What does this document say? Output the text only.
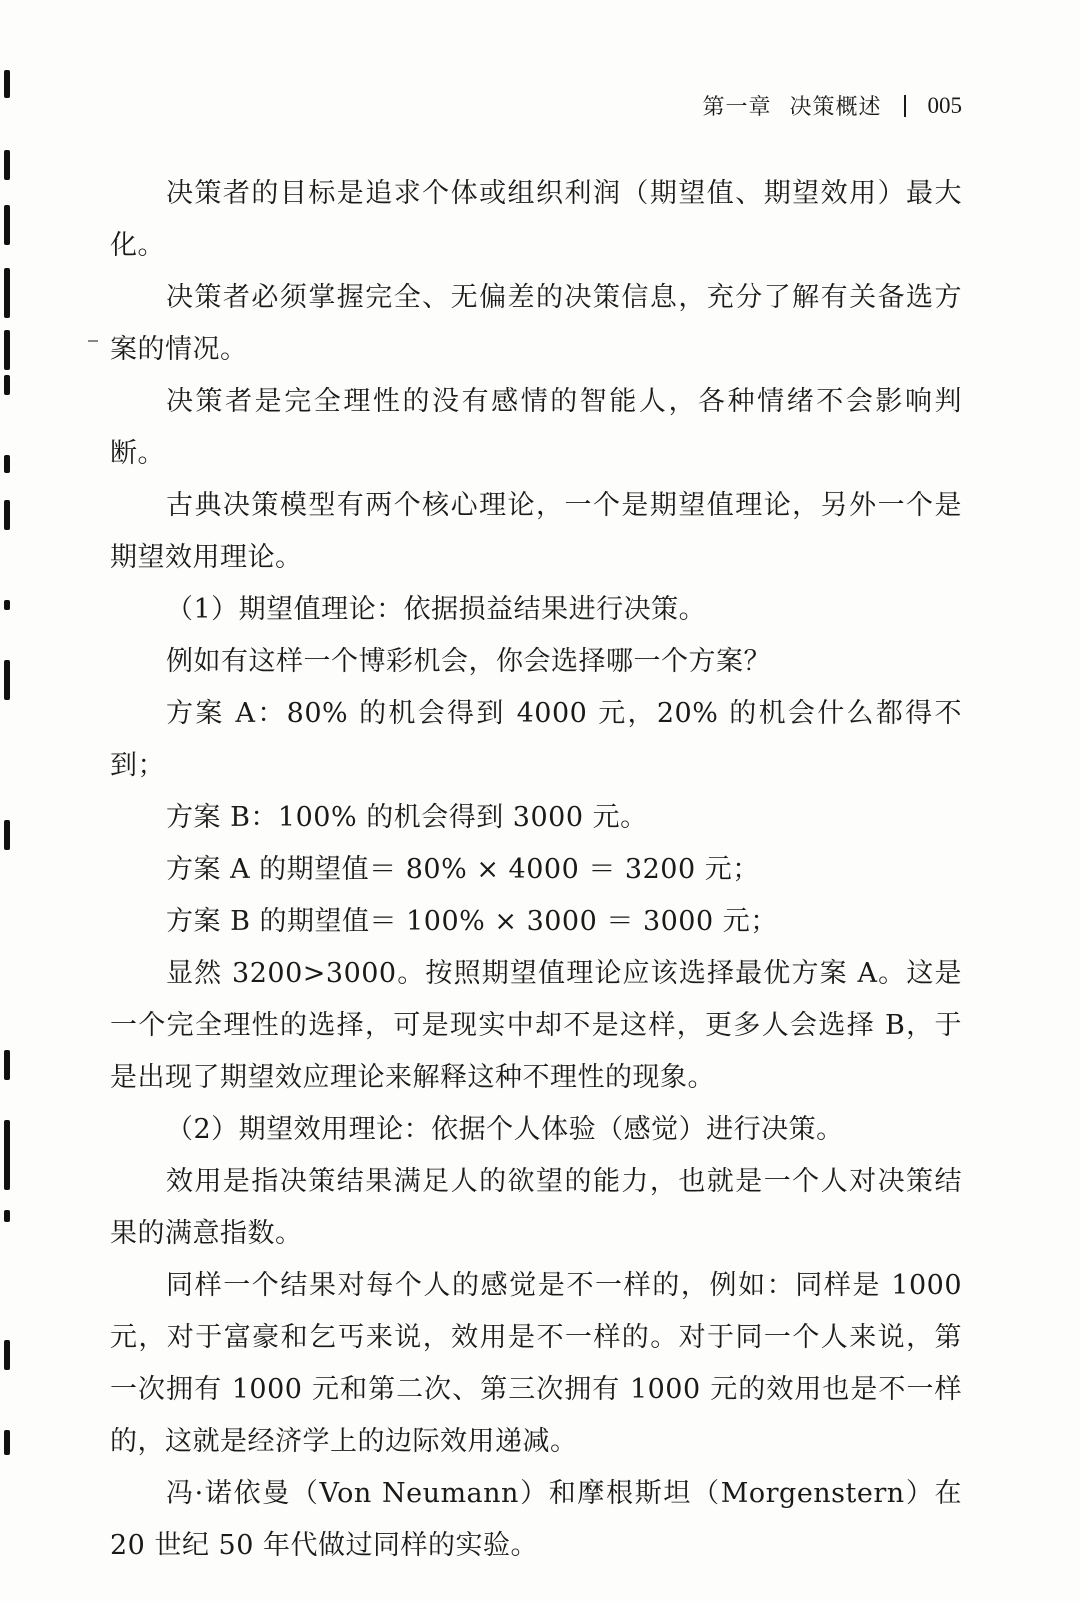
第一章 决策概述 005

决策者的目标是追求个体或组织利润（期望值、期望效用）最大化。

决策者必须掌握完全、无偏差的决策信息，充分了解有关备选方案的情况。

决策者是完全理性的没有感情的智能人，各种情绪不会影响判断。

古典决策模型有两个核心理论，一个是期望值理论，另外一个是期望效用理论。

（1）期望值理论：依据损益结果进行决策。

例如有这样一个博彩机会，你会选择哪一个方案？

方案 A：80% 的机会得到 4000 元，20% 的机会什么都得不到；

方案 B：100% 的机会得到 3000 元。

方案 A 的期望值＝ 80% × 4000 ＝ 3200 元；

方案 B 的期望值＝ 100% × 3000 ＝ 3000 元；

显然 3200>3000。按照期望值理论应该选择最优方案 A。这是一个完全理性的选择，可是现实中却不是这样，更多人会选择 B，于是出现了期望效应理论来解释这种不理性的现象。

（2）期望效用理论：依据个人体验（感觉）进行决策。

效用是指决策结果满足人的欲望的能力，也就是一个人对决策结果的满意指数。

同样一个结果对每个人的感觉是不一样的，例如：同样是 1000 元，对于富豪和乞丐来说，效用是不一样的。对于同一个人来说，第一次拥有 1000 元和第二次、第三次拥有 1000 元的效用也是不一样的，这就是经济学上的边际效用递减。

冯·诺依曼（Von Neumann）和摩根斯坦（Morgenstern）在 20 世纪 50 年代做过同样的实验。
